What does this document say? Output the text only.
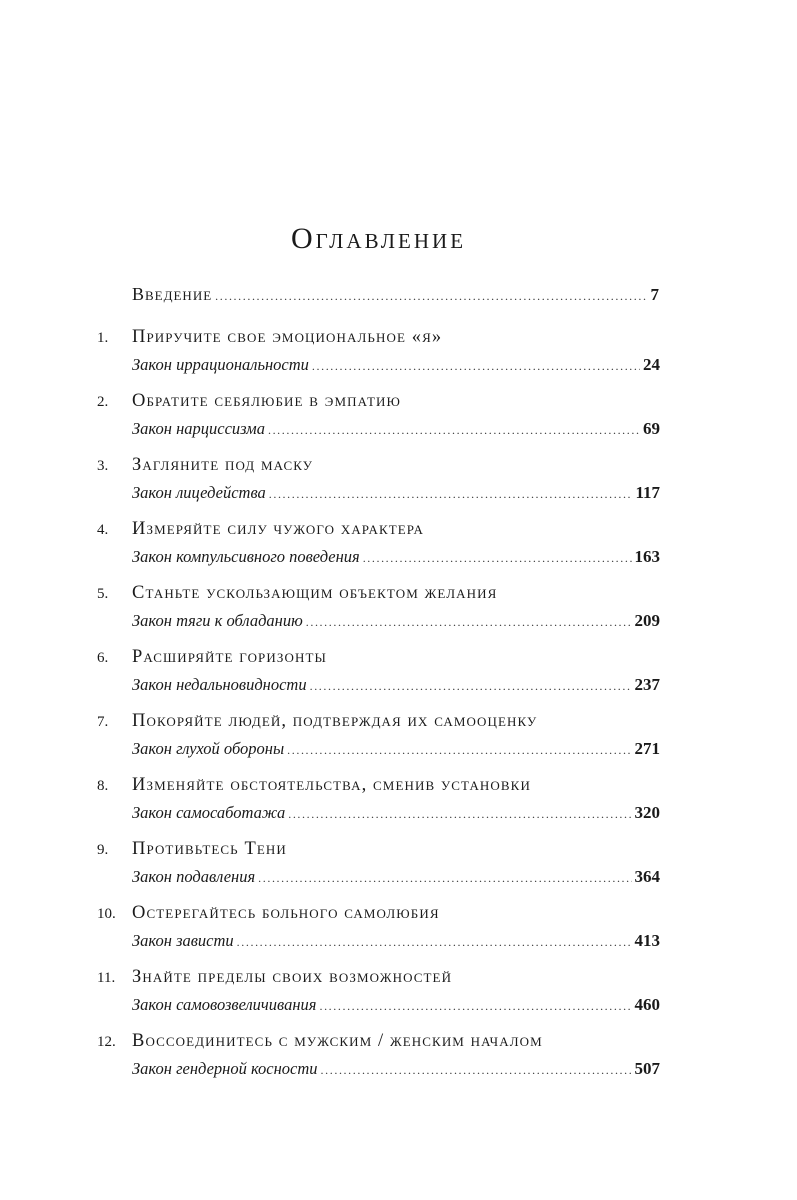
Оглавление
Введение .....	7
1. Приручите свое эмоциональное «я»
Закон иррациональности .....	24
2. Обратите себялюбие в эмпатию
Закон нарциссизма .....	69
3. Загляните под маску
Закон лицедейства .....	117
4. Измеряйте силу чужого характера
Закон компульсивного поведения .....	163
5. Станьте ускользающим объектом желания
Закон тяги к обладанию .....	209
6. Расширяйте горизонты
Закон недальновидности .....	237
7. Покоряйте людей, подтверждая их самооценку
Закон глухой обороны .....	271
8. Изменяйте обстоятельства, сменив установки
Закон самосаботажа .....	320
9. Противьтесь Тени
Закон подавления .....	364
10. Остерегайтесь больного самолюбия
Закон зависти .....	413
11. Знайте пределы своих возможностей
Закон самовозвеличивания .....	460
12. Воссоединитесь с мужским / женским началом
Закон гендерной косности .....	507
